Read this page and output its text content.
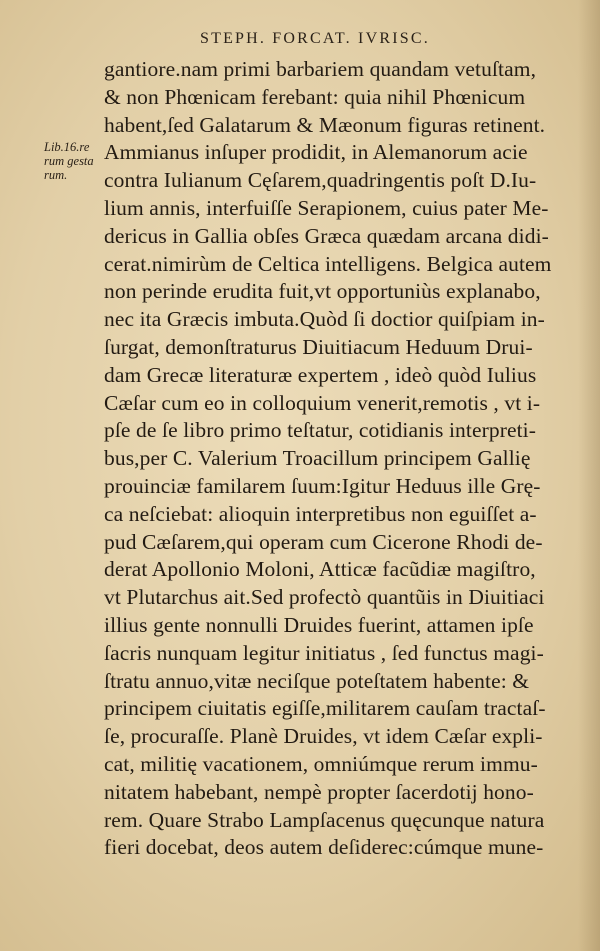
STEPH. FORCAT. IVRISC.
Lib.16.re
rum gesta
rum.
gantiore.nam primi barbariem quandam vetuſtam,
& non Phœnicam ferebant: quia nihil Phœnicum
habent,ſed Galatarum & Mæonum figuras retinent.
Ammianus inſuper prodidit, in Alemanorum acie
contra Iulianum Cęſarem,quadringentis poſt D.Iu-
lium annis, interfuiſſe Serapionem, cuius pater Me-
dericus in Gallia obſes Græca quædam arcana didi-
cerat.nimirùm de Celtica intelligens. Belgica autem
non perinde erudita fuit,vt opportuniùs explanabo,
nec ita Græcis imbuta.Quòd ſi doctior quiſpiam in-
ſurgat, demonſtraturus Diuitiacum Heduum Drui-
dam Grecæ literaturæ expertem , ideò quòd Iulius
Cæſar cum eo in colloquium venerit,remotis , vt i-
pſe de ſe libro primo teſtatur, cotidianis interpreti-
bus,per C. Valerium Troacillum principem Gallię
prouinciæ familarem ſuum:Igitur Heduus ille Grę-
ca neſciebat: alioquin interpretibus non eguiſſet a-
pud Cæſarem,qui operam cum Cicerone Rhodi de-
derat Apollonio Moloni, Atticæ facũdiæ magiſtro,
vt Plutarchus ait.Sed profectò quantũis in Diuitiaci
illius gente nonnulli Druides fuerint, attamen ipſe
ſacris nunquam legitur initiatus , ſed functus magi-
ſtratu annuo,vitæ neciſque poteſtatem habente: &
principem ciuitatis egiſſe,militarem cauſam tractaſ-
ſe, procuraſſe. Planè Druides, vt idem Cæſar expli-
cat, militię vacationem, omniúmque rerum immu-
nitatem habebant, nempè propter ſacerdotij hono-
rem. Quare Strabo Lampſacenus quęcunque natura
fieri docebat, deos autem deſiderec:cúmque mune-
